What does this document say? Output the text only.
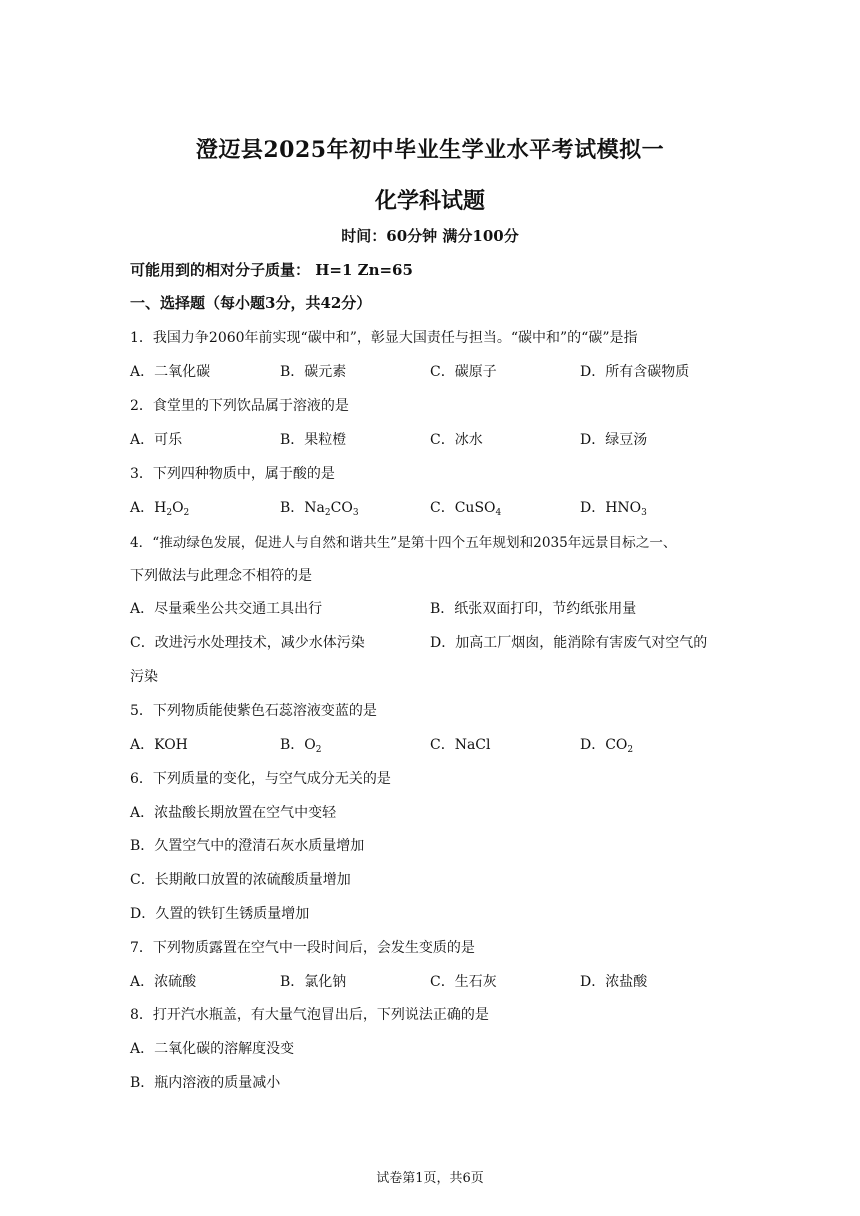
澄迈县2025年初中毕业生学业水平考试模拟一
化学科试题
时间：60分钟 满分100分
可能用到的相对分子质量： H=1 Zn=65
一、选择题（每小题3分，共42分）
1．我国力争2060年前实现“碳中和”，彰显大国责任与担当。“碳中和”的“碳”是指
A．二氧化碳	B．碳元素	C．碳原子	D．所有含碳物质
2．食堂里的下列饮品属于溶液的是
A．可乐	B．果粒橙	C．冰水	D．绿豆汤
3．下列四种物质中，属于酸的是
A．$H_2O_2$	B．$Na_2CO_3$	C．CuSO$_4$	D．$HNO_3$
4．“推动绿色发展，促进人与自然和谐共生”是第十四个五年规划和2035年远景目标之一、
下列做法与此理念不相符的是
A．尽量乘坐公共交通工具出行	B．纸张双面打印，节约纸张用量
C．改进污水处理技术，减少水体污染	D．加高工厂烟囱，能消除有害废气对空气的
污染
5．下列物质能使紫色石蕊溶液变蓝的是
A．KOH	B．$O_2$	C．NaCl	D．$CO_2$
6．下列质量的变化，与空气成分无关的是
A．浓盐酸长期放置在空气中变轻
B．久置空气中的澄清石灰水质量增加
C．长期敞口放置的浓硫酸质量增加
D．久置的铁钉生锈质量增加
7．下列物质露置在空气中一段时间后，会发生变质的是
A．浓硫酸	B．氯化钠	C．生石灰	D．浓盐酸
8．打开汽水瓶盖，有大量气泡冒出后，下列说法正确的是
A．二氧化碳的溶解度没变
B．瓶内溶液的质量减小
试卷第1页，共6页
